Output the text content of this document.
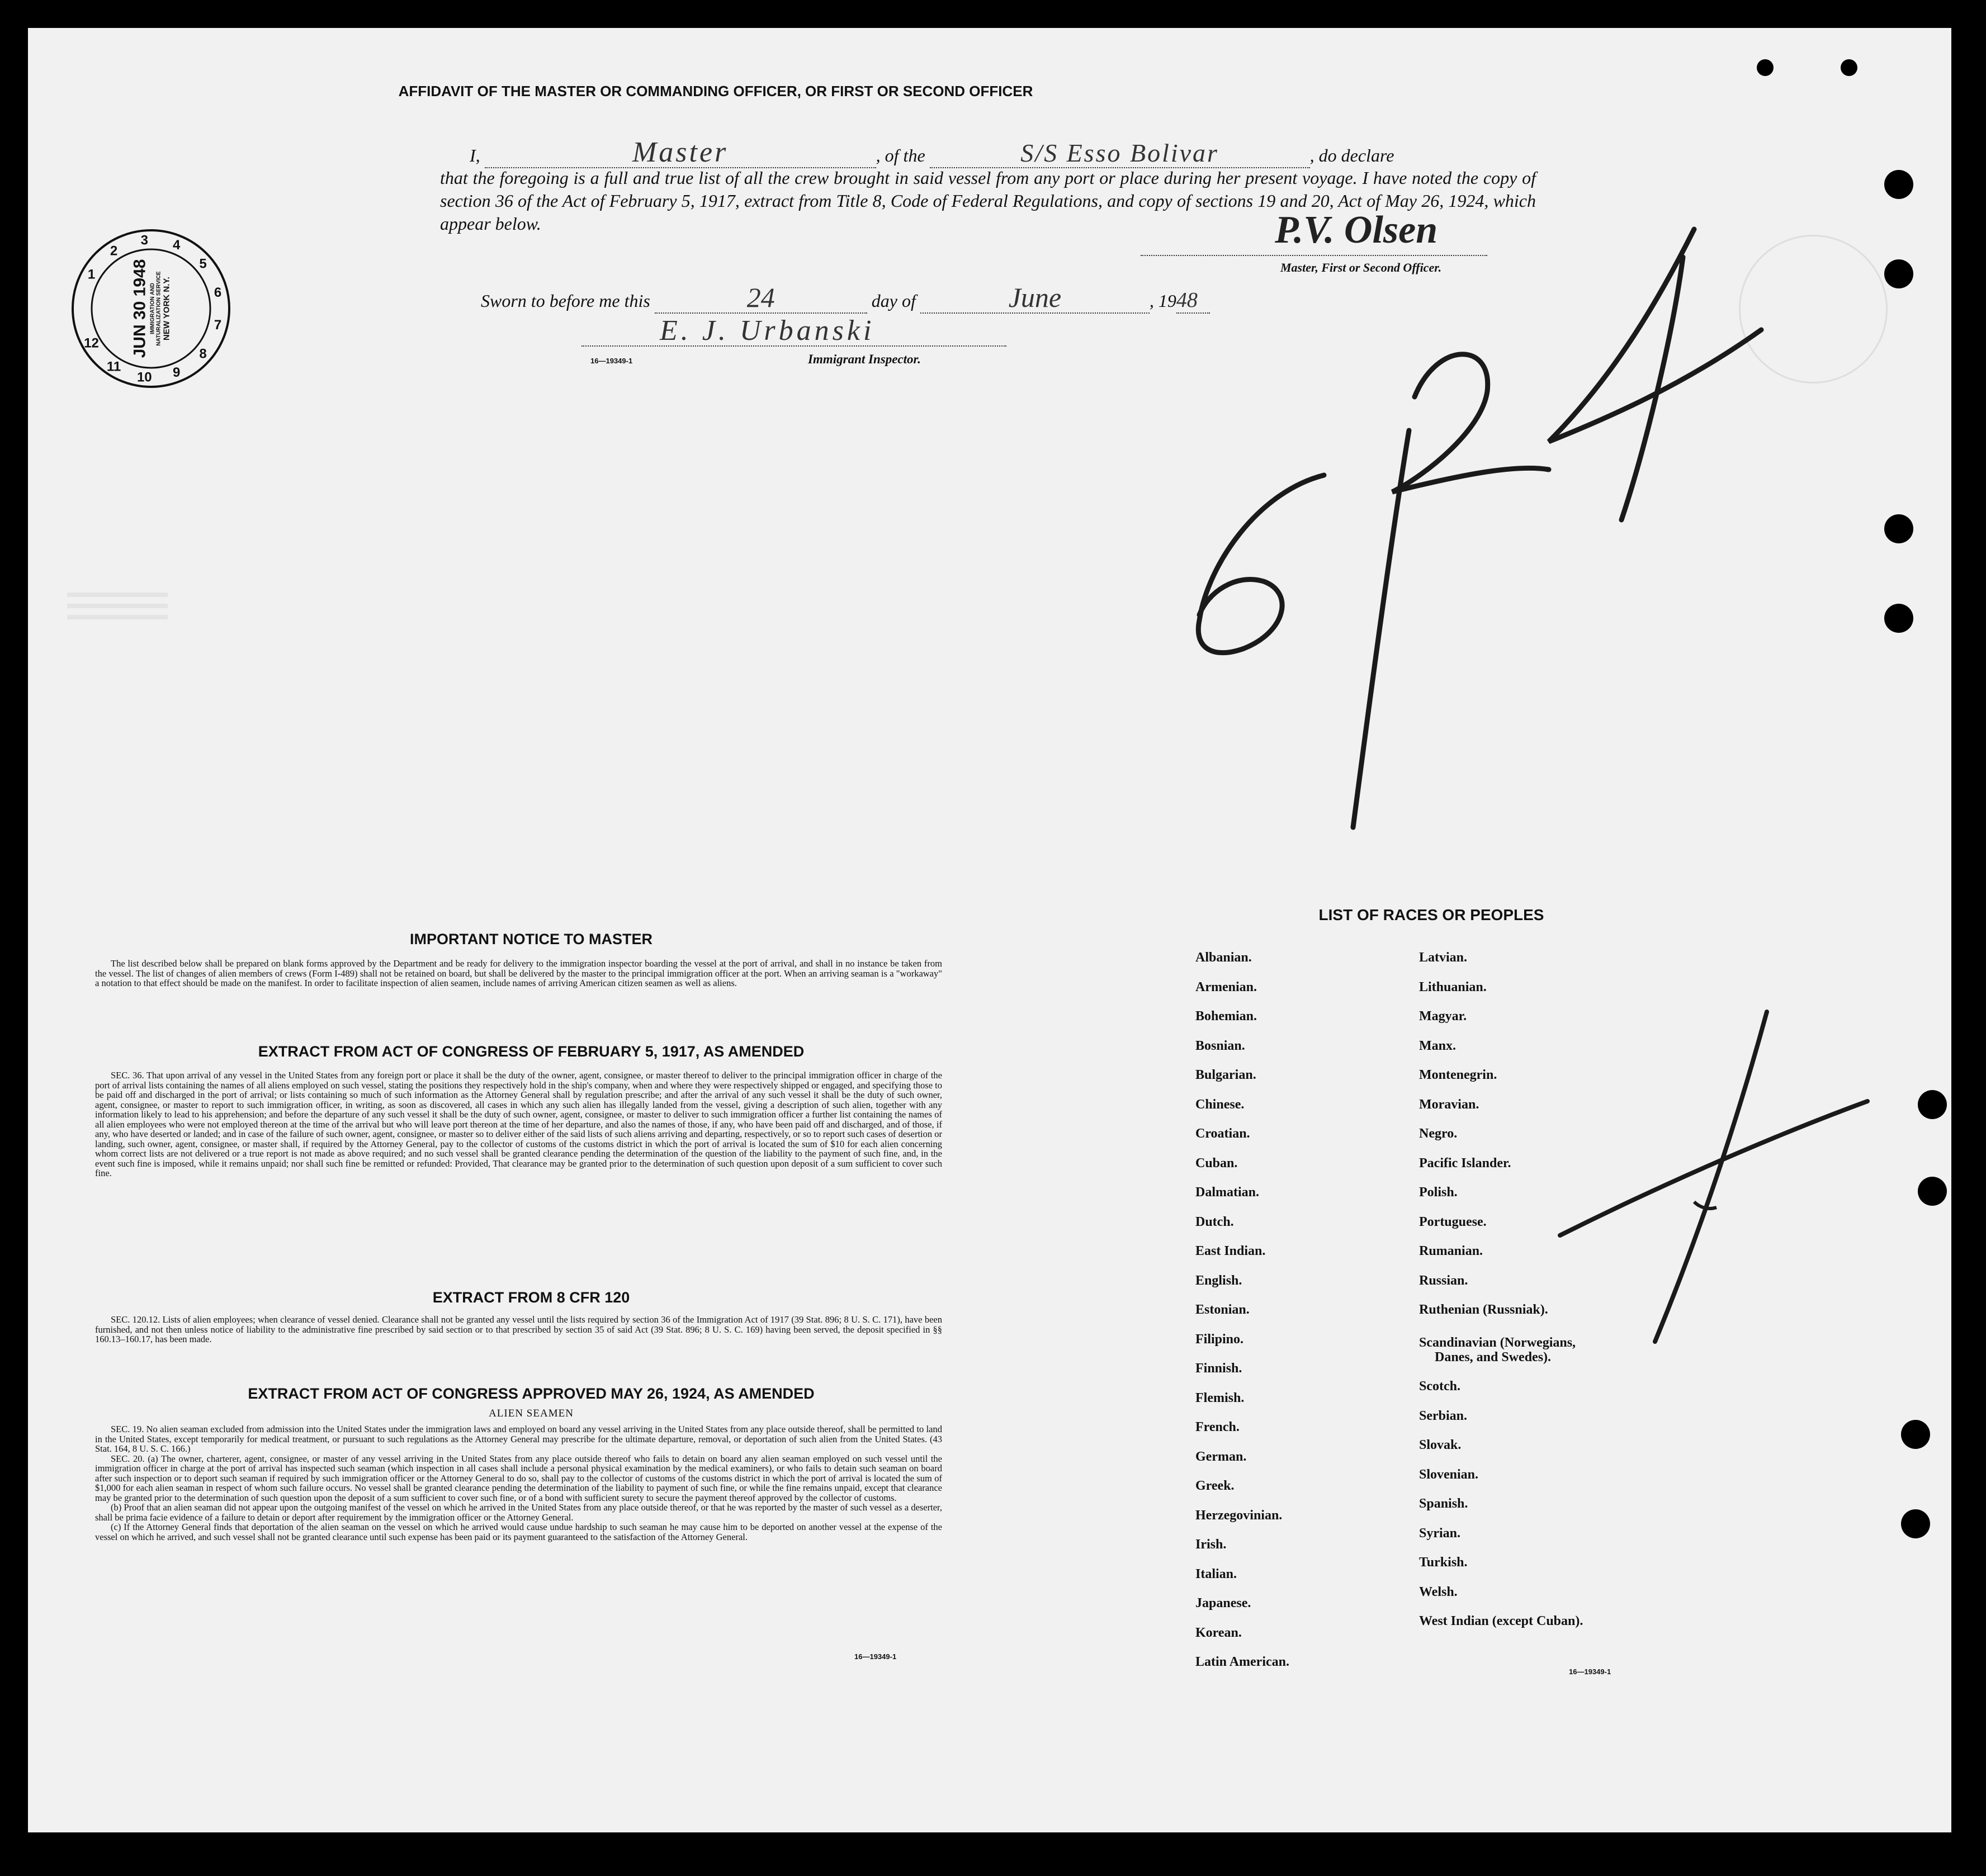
AFFIDAVIT OF THE MASTER OR COMMANDING OFFICER, OR FIRST OR SECOND OFFICER
I,	Master	, of the	S/S Esso Bolivar	, do declare
that the foregoing is a full and true list of all the crew brought in said vessel from any port or place during her present voyage. I have noted the copy of section 36 of the Act of February 5, 1917, extract from Title 8, Code of Federal Regulations, and copy of sections 19 and 20, Act of May 26, 1924, which appear below.	P.V. Olsen
Master, First or Second Officer.
Sworn to before me this	24	day of	June	, 1948
E. J. Urbanski
16—19349-1	Immigrant Inspector.
1
2
3 4
5
6
7
8
9
10
11
12 JUN 30 1948 IMMIGRATION AND NATURALIZATION SERVICE NEW YORK N.Y.
IMPORTANT NOTICE TO MASTER

The list described below shall be prepared on blank forms approved by the Department and be ready for delivery to the immigration inspector boarding the vessel at the port of arrival, and shall in no instance be taken from the vessel. The list of changes of alien members of crews (Form I-489) shall not be retained on board, but shall be delivered by the master to the principal immigration officer at the port. When an arriving seaman is a "workaway" a notation to that effect should be made on the manifest. In order to facilitate inspection of alien seamen, include names of arriving American citizen seamen as well as aliens.

EXTRACT FROM ACT OF CONGRESS OF FEBRUARY 5, 1917, AS AMENDED

SEC. 36. That upon arrival of any vessel in the United States from any foreign port or place it shall be the duty of the owner, agent, consignee, or master thereof to deliver to the principal immigration officer in charge of the port of arrival lists containing the names of all aliens employed on such vessel, stating the positions they respectively hold in the ship's company, when and where they were respectively shipped or engaged, and specifying those to be paid off and discharged in the port of arrival; or lists containing so much of such information as the Attorney General shall by regulation prescribe; and after the arrival of any such vessel it shall be the duty of such owner, agent, consignee, or master to report to such immigration officer, in writing, as soon as discovered, all cases in which any such alien has illegally landed from the vessel, giving a description of such alien, together with any information likely to lead to his apprehension; and before the departure of any such vessel it shall be the duty of such owner, agent, consignee, or master to deliver to such immigration officer a further list containing the names of all alien employees who were not employed thereon at the time of the arrival but who will leave port thereon at the time of her departure, and also the names of those, if any, who have been paid off and discharged, and of those, if any, who have deserted or landed; and in case of the failure of such owner, agent, consignee, or master so to deliver either of the said lists of such aliens arriving and departing, respectively, or so to report such cases of desertion or landing, such owner, agent, consignee, or master shall, if required by the Attorney General, pay to the collector of customs of the customs district in which the port of arrival is located the sum of $10 for each alien concerning whom correct lists are not delivered or a true report is not made as above required; and no such vessel shall be granted clearance pending the determination of the question of the liability to the payment of such fine, and, in the event such fine is imposed, while it remains unpaid; nor shall such fine be remitted or refunded: Provided, That clearance may be granted prior to the determination of such question upon deposit of a sum sufficient to cover such fine.

EXTRACT FROM 8 CFR 120

SEC. 120.12. Lists of alien employees; when clearance of vessel denied. Clearance shall not be granted any vessel until the lists required by section 36 of the Immigration Act of 1917 (39 Stat. 896; 8 U. S. C. 171), have been furnished, and not then unless notice of liability to the administrative fine prescribed by said section or to that prescribed by section 35 of said Act (39 Stat. 896; 8 U. S. C. 169) having been served, the deposit specified in §§ 160.13–160.17, has been made.

EXTRACT FROM ACT OF CONGRESS APPROVED MAY 26, 1924, AS AMENDED
ALIEN SEAMEN

SEC. 19. No alien seaman excluded from admission into the United States under the immigration laws and employed on board any vessel arriving in the United States from any place outside thereof, shall be permitted to land in the United States, except temporarily for medical treatment, or pursuant to such regulations as the Attorney General may prescribe for the ultimate departure, removal, or deportation of such alien from the United States. (43 Stat. 164, 8 U. S. C. 166.)

SEC. 20. (a) The owner, charterer, agent, consignee, or master of any vessel arriving in the United States from any place outside thereof who fails to detain on board any alien seaman employed on such vessel until the immigration officer in charge at the port of arrival has inspected such seaman (which inspection in all cases shall include a personal physical examination by the medical examiners), or who fails to detain such seaman on board after such inspection or to deport such seaman if required by such immigration officer or the Attorney General to do so, shall pay to the collector of customs of the customs district in which the port of arrival is located the sum of $1,000 for each alien seaman in respect of whom such failure occurs. No vessel shall be granted clearance pending the determination of the liability to payment of such fine, or while the fine remains unpaid, except that clearance may be granted prior to the determination of such question upon the deposit of a sum sufficient to cover such fine, or of a bond with sufficient surety to secure the payment thereof approved by the collector of customs.

(b) Proof that an alien seaman did not appear upon the outgoing manifest of the vessel on which he arrived in the United States from any place outside thereof, or that he was reported by the master of such vessel as a deserter, shall be prima facie evidence of a failure to detain or deport after requirement by the immigration officer or the Attorney General.

(c) If the Attorney General finds that deportation of the alien seaman on the vessel on which he arrived would cause undue hardship to such seaman he may cause him to be deported on another vessel at the expense of the vessel on which he arrived, and such vessel shall not be granted clearance until such expense has been paid or its payment guaranteed to the satisfaction of the Attorney General.

16—19349-1
LIST OF RACES OR PEOPLES
Albanian.
Armenian.
Bohemian.
Bosnian.
Bulgarian.
Chinese.
Croatian.
Cuban.
Dalmatian.
Dutch.
East Indian.
English.
Estonian.
Filipino.
Finnish.
Flemish.
French.
German.
Greek.
Herzegovinian.
Irish.
Italian.
Japanese.
Korean.
Latin American.
Latvian.
Lithuanian.
Magyar.
Manx.
Montenegrin.
Moravian.
Negro.
Pacific Islander.
Polish.
Portuguese.
Rumanian.
Russian.
Ruthenian (Russniak).
Scandinavian (Norwegians,
Danes, and Swedes).
Scotch.
Serbian.
Slovak.
Slovenian.
Spanish.
Syrian.
Turkish.
Welsh.
West Indian (except Cuban).
16—19349-1
